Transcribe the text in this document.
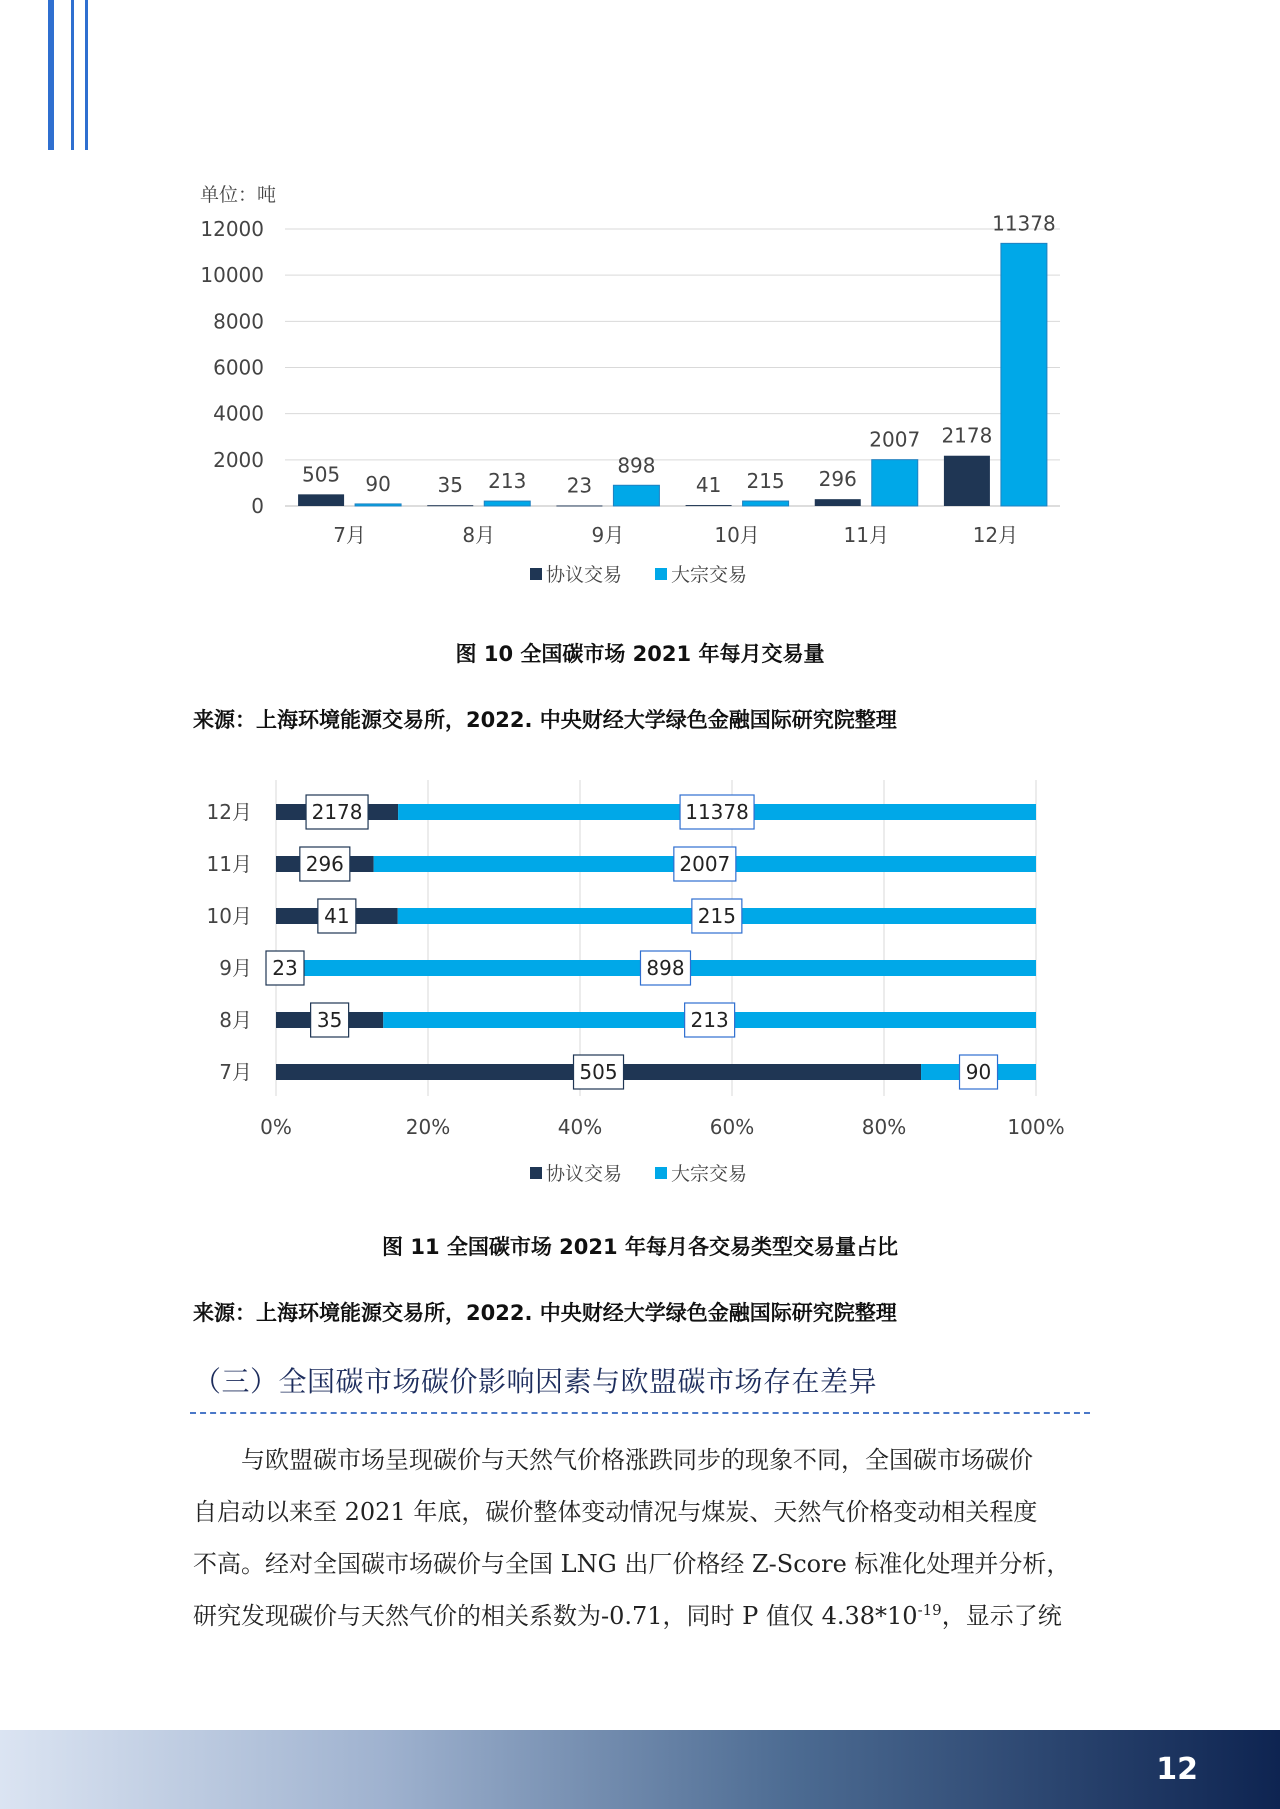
单位：吨
0
2000
4000
6000
8000
10000
12000
7月
505 90
8月
35 213
9月
23
898
10月
41 215
11月
296
2007
12月
2178
11378
协议交易	大宗交易
图 10 全国碳市场 2021 年每月交易量
来源：上海环境能源交易所，2022. 中央财经大学绿色金融国际研究院整理
0%	20%	40%	60%	80%	100%
12月	2178	11378
11月	296	2007
10月	41	215
9月 23	898
8月	35	213
7月	505	90
协议交易	大宗交易
图 11 全国碳市场 2021 年每月各交易类型交易量占比
来源：上海环境能源交易所，2022. 中央财经大学绿色金融国际研究院整理
（三）全国碳市场碳价影响因素与欧盟碳市场存在差异
　　与欧盟碳市场呈现碳价与天然气价格涨跌同步的现象不同，全国碳市场碳价
自启动以来至 2021 年底，碳价整体变动情况与煤炭、天然气价格变动相关程度
不高。经对全国碳市场碳价与全国 LNG 出厂价格经 Z-Score 标准化处理并分析，
研究发现碳价与天然气价的相关系数为-0.71，同时 P 值仅 $4.38*10^{-19}$，显示了统
12
